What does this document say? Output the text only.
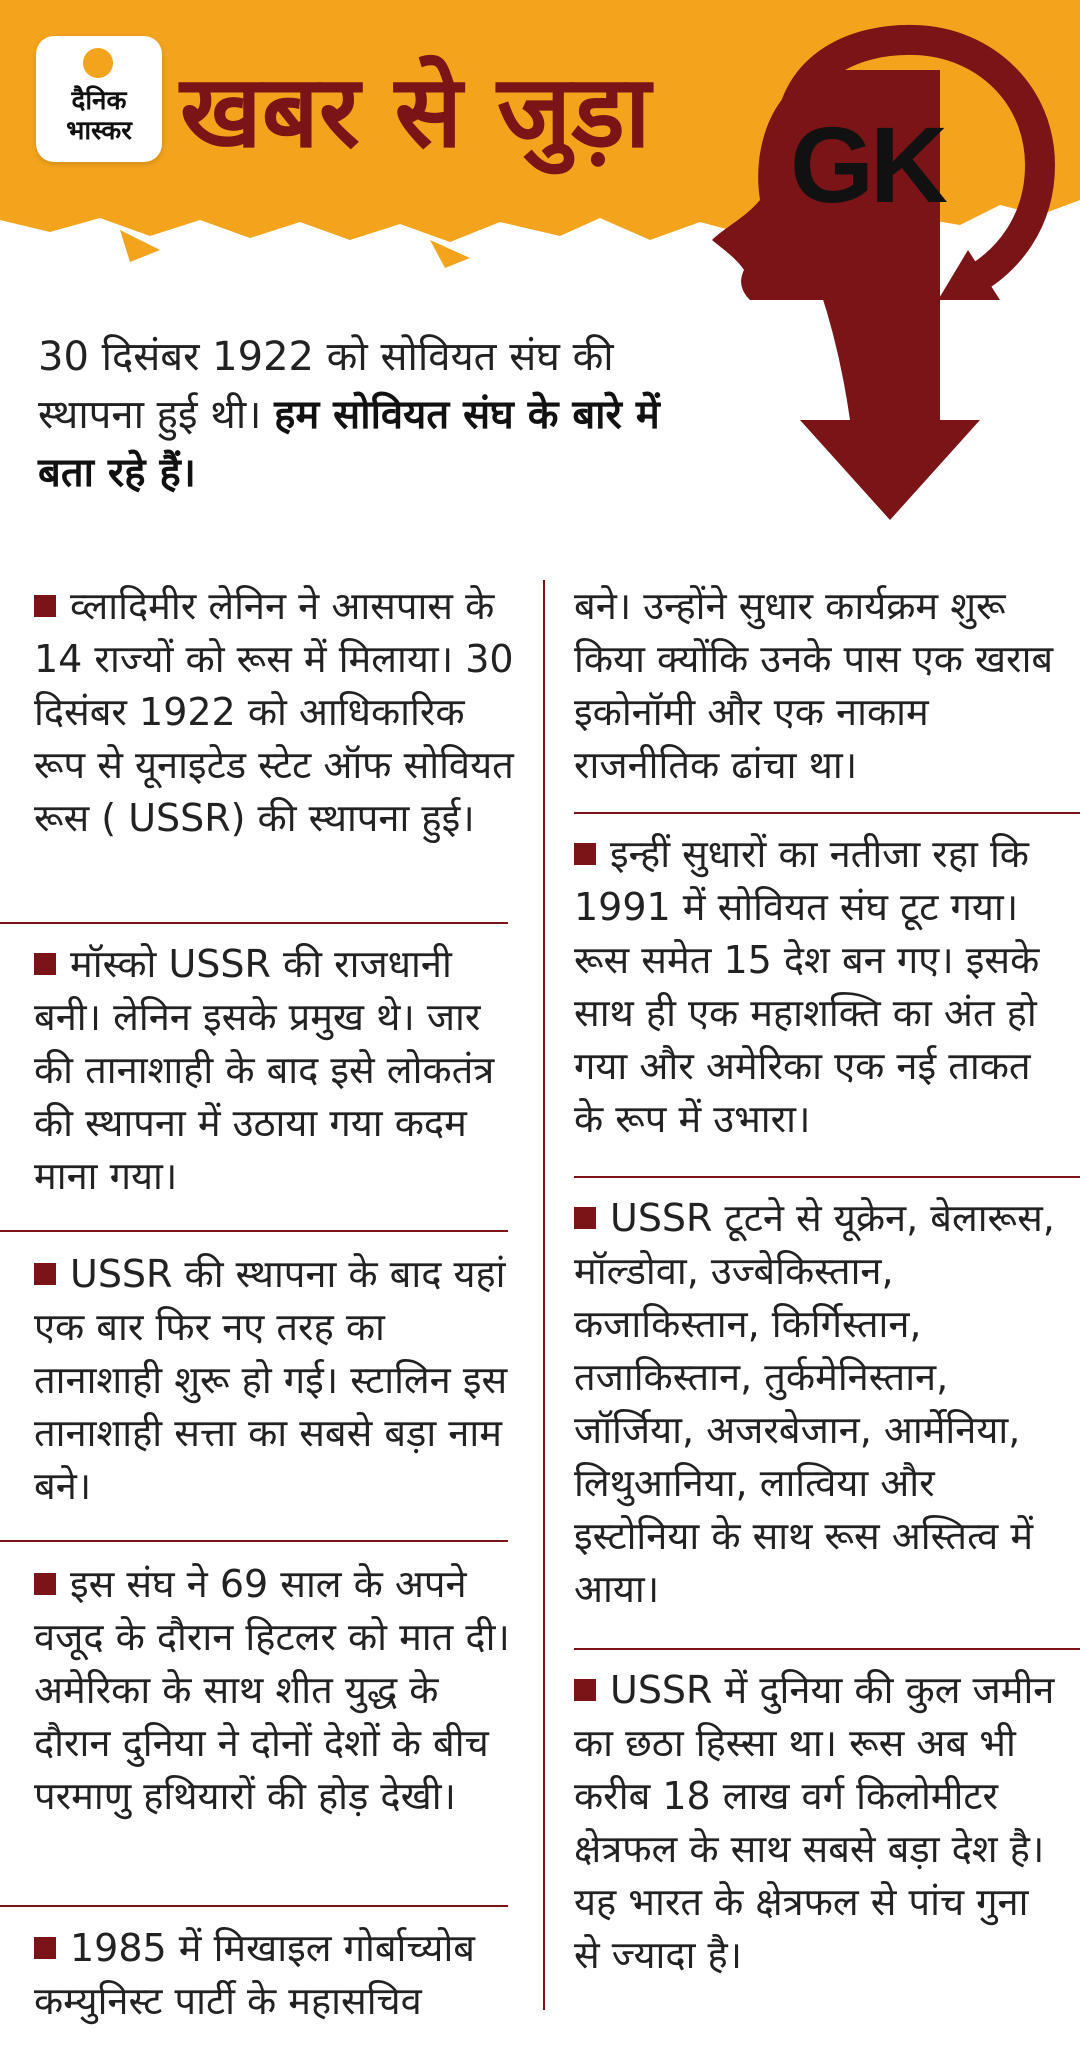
दैनिक
भास्कर खबर से जुड़ा GK
30 दिसंबर 1922 को सोवियत संघ की स्थापना हुई थी। हम सोवियत संघ के बारे में बता रहे हैं।
व्लादिमीर लेनिन ने आसपास के 14 राज्यों को रूस में मिलाया। 30 दिसंबर 1922 को आधिकारिक रूप से यूनाइटेड स्टेट ऑफ सोवियत रूस ( USSR) की स्थापना हुई।
मॉस्को USSR की राजधानी बनी। लेनिन इसके प्रमुख थे। जार की तानाशाही के बाद इसे लोकतंत्र की स्थापना में उठाया गया कदम माना गया।
USSR की स्थापना के बाद यहां एक बार फिर नए तरह का तानाशाही शुरू हो गई। स्टालिन इस तानाशाही सत्ता का सबसे बड़ा नाम बने।
इस संघ ने 69 साल के अपने वजूद के दौरान हिटलर को मात दी। अमेरिका के साथ शीत युद्ध के दौरान दुनिया ने दोनों देशों के बीच परमाणु हथियारों की होड़ देखी।
1985 में मिखाइल गोर्बाच्योब कम्युनिस्ट पार्टी के महासचिव
बने। उन्होंने सुधार कार्यक्रम शुरू किया क्योंकि उनके पास एक खराब इकोनॉमी और एक नाकाम राजनीतिक ढांचा था।
इन्हीं सुधारों का नतीजा रहा कि 1991 में सोवियत संघ टूट गया। रूस समेत 15 देश बन गए। इसके साथ ही एक महाशक्ति का अंत हो गया और अमेरिका एक नई ताकत के रूप में उभारा।
USSR टूटने से यूक्रेन, बेलारूस, मॉल्डोवा, उज्बेकिस्तान, कजाकिस्तान, किर्गिस्तान, तजाकिस्तान, तुर्कमेनिस्तान, जॉर्जिया, अजरबेजान, आर्मेनिया, लिथुआनिया, लात्विया और इस्टोनिया के साथ रूस अस्तित्व में आया।
USSR में दुनिया की कुल जमीन का छठा हिस्सा था। रूस अब भी करीब 18 लाख वर्ग किलोमीटर क्षेत्रफल के साथ सबसे बड़ा देश है। यह भारत के क्षेत्रफल से पांच गुना से ज्यादा है।
